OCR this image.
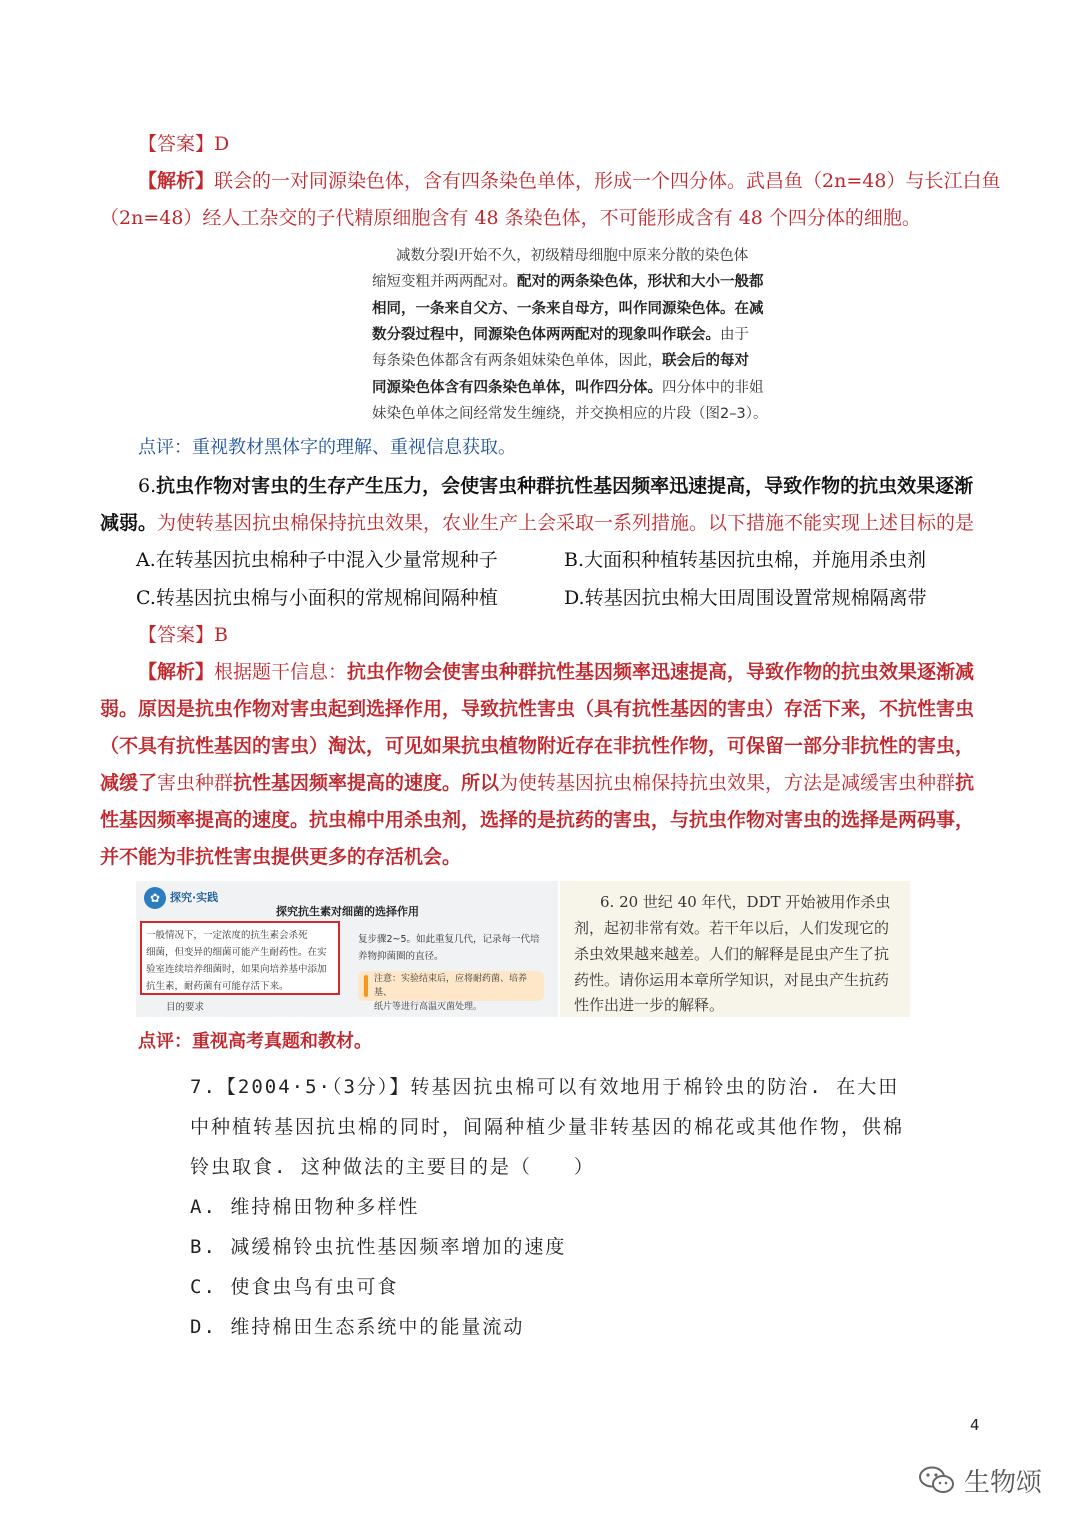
【答案】D
【解析】联会的一对同源染色体，含有四条染色单体，形成一个四分体。武昌鱼（2n=48）与长江白鱼
（2n=48）经人工杂交的子代精原细胞含有 48 条染色体，不可能形成含有 48 个四分体的细胞。
减数分裂Ⅰ开始不久，初级精母细胞中原来分散的染色体
缩短变粗并两两配对。配对的两条染色体，形状和大小一般都
相同，一条来自父方、一条来自母方，叫作同源染色体。在减
数分裂过程中，同源染色体两两配对的现象叫作联会。由于
每条染色体都含有两条姐妹染色单体，因此，联会后的每对
同源染色体含有四条染色单体，叫作四分体。四分体中的非姐
妹染色单体之间经常发生缠绕，并交换相应的片段（图2–3）。
点评：重视教材黑体字的理解、重视信息获取。
6.抗虫作物对害虫的生存产生压力，会使害虫种群抗性基因频率迅速提高，导致作物的抗虫效果逐渐
减弱。为使转基因抗虫棉保持抗虫效果，农业生产上会采取一系列措施。以下措施不能实现上述目标的是
A.在转基因抗虫棉种子中混入少量常规种子	B.大面积种植转基因抗虫棉，并施用杀虫剂
C.转基因抗虫棉与小面积的常规棉间隔种植	D.转基因抗虫棉大田周围设置常规棉隔离带
【答案】B
【解析】根据题干信息：抗虫作物会使害虫种群抗性基因频率迅速提高，导致作物的抗虫效果逐渐减
弱。原因是抗虫作物对害虫起到选择作用，导致抗性害虫（具有抗性基因的害虫）存活下来，不抗性害虫
（不具有抗性基因的害虫）淘汰，可见如果抗虫植物附近存在非抗性作物，可保留一部分非抗性的害虫，
减缓了害虫种群抗性基因频率提高的速度。所以为使转基因抗虫棉保持抗虫效果，方法是减缓害虫种群抗
性基因频率提高的速度。抗虫棉中用杀虫剂，选择的是抗药的害虫，与抗虫作物对害虫的选择是两码事，
并不能为非抗性害虫提供更多的存活机会。
✿ 探究·实践
探究抗生素对细菌的选择作用
一般情况下，一定浓度的抗生素会杀死
细菌，但变异的细菌可能产生耐药性。在实
验室连续培养细菌时，如果向培养基中添加
抗生素，耐药菌有可能存活下来。
目的要求
复步骤2~5。如此重复几代，记录每一代培
养物抑菌圈的直径。
注意：实验结束后，应将耐药菌、培养基、
纸片等进行高温灭菌处理。
6. 20 世纪 40 年代，DDT 开始被用作杀虫
剂，起初非常有效。若干年以后，人们发现它的
杀虫效果越来越差。人们的解释是昆虫产生了抗
药性。请你运用本章所学知识，对昆虫产生抗药
性作出进一步的解释。
点评：重视高考真题和教材。
7.【2004·5·（3分）】转基因抗虫棉可以有效地用于棉铃虫的防治. 在大田
中种植转基因抗虫棉的同时，间隔种植少量非转基因的棉花或其他作物，供棉
铃虫取食. 这种做法的主要目的是（　　）
A. 维持棉田物种多样性
B. 减缓棉铃虫抗性基因频率增加的速度
C. 使食虫鸟有虫可食
D. 维持棉田生态系统中的能量流动
4
生物颂
